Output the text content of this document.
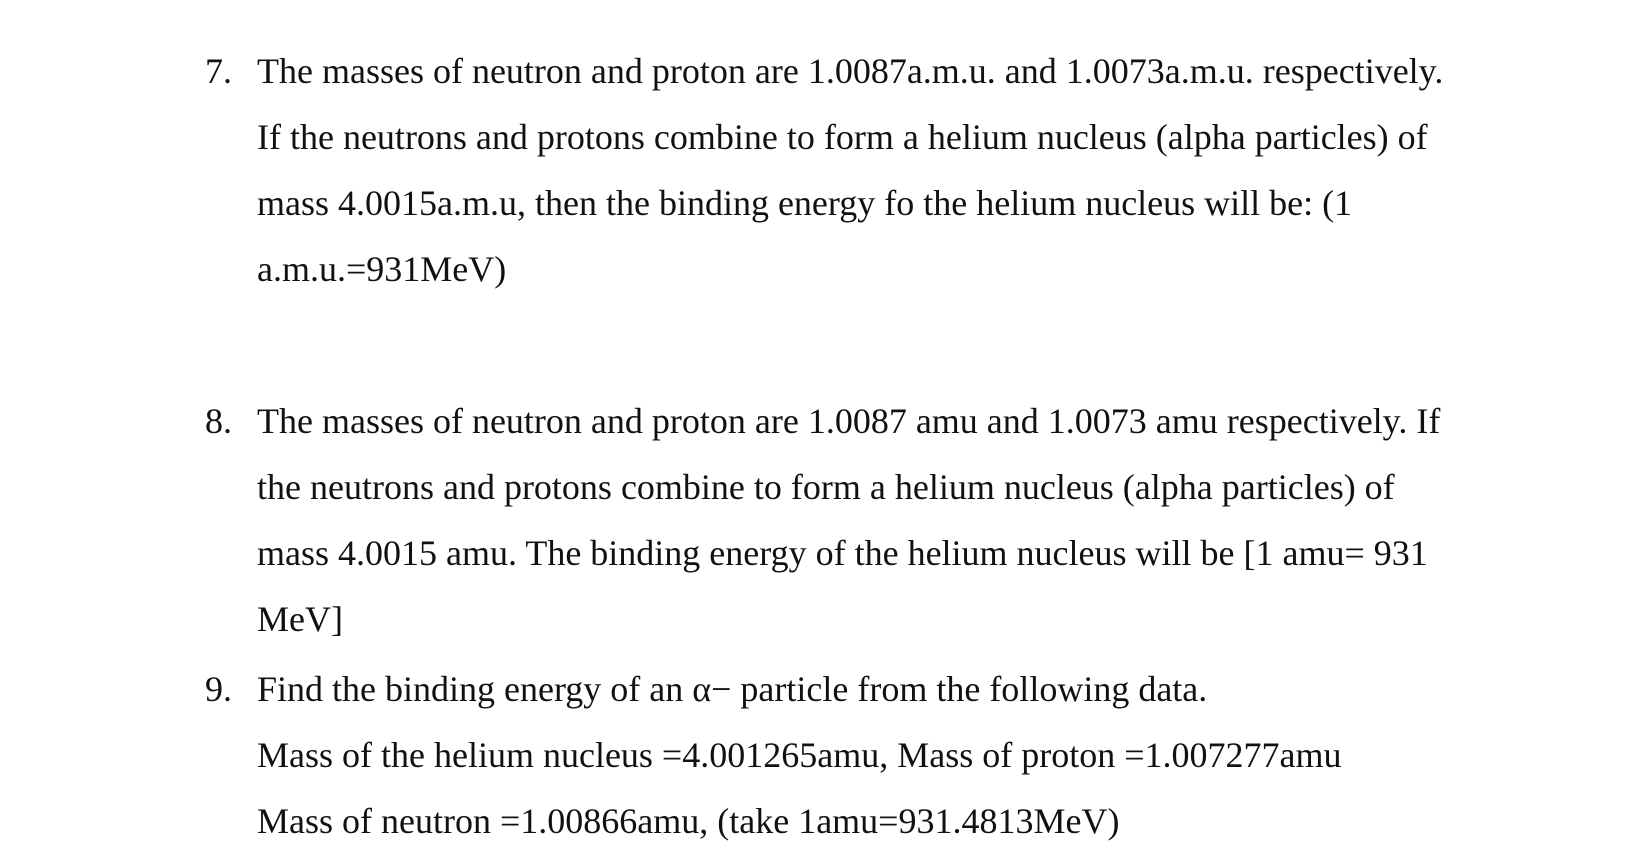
7. The masses of neutron and proton are 1.0087a.m.u. and 1.0073a.m.u. respectively.
If the neutrons and protons combine to form a helium nucleus (alpha particles) of
mass 4.0015a.m.u, then the binding energy fo the helium nucleus will be: (1
a.m.u.=931MeV)
8. The masses of neutron and proton are 1.0087 amu and 1.0073 amu respectively. If
the neutrons and protons combine to form a helium nucleus (alpha particles) of
mass 4.0015 amu. The binding energy of the helium nucleus will be [1 amu= 931
MeV]
9. Find the binding energy of an α− particle from the following data.
Mass of the helium nucleus =4.001265amu, Mass of proton =1.007277amu
Mass of neutron =1.00866amu, (take 1amu=931.4813MeV)
